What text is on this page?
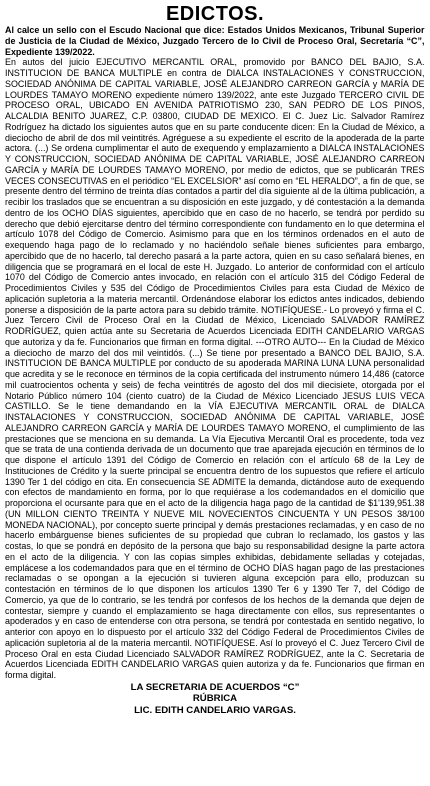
EDICTOS.
Al calce un sello con el Escudo Nacional que dice: Estados Unidos Mexicanos, Tribunal Superior de Justicia de la Ciudad de México, Juzgado Tercero de lo Civil de Proceso Oral, Secretaría “C”, Expediente 139/2022.
En autos del juicio EJECUTIVO MERCANTIL ORAL, promovido por BANCO DEL BAJIO, S.A. INSTITUCION DE BANCA MULTIPLE en contra de DIALCA INSTALACIONES Y CONSTRUCCION, SOCIEDAD ANÓNIMA DE CAPITAL VARIABLE, JOSÉ ALEJANDRO CARREON GARCÍA y MARÍA DE LOURDES TAMAYO MORENO expediente número 139/2022, ante este Juzgado TERCERO CIVIL DE PROCESO ORAL, UBICADO EN AVENIDA PATRIOTISMO 230, SAN PEDRO DE LOS PINOS, ALCALDIA BENITO JUAREZ, C.P. 03800, CIUDAD DE MEXICO. El C. Juez Lic. Salvador Ramírez Rodríguez ha dictado los siguientes autos que en su parte conducente dicen: En la Ciudad de México, a dieciocho de abril de dos mil veintitrés. Agréguese a su expediente el escrito de la apoderada de la parte actora. (...) Se ordena cumplimentar el auto de exequendo y emplazamiento a DIALCA INSTALACIONES Y CONSTRUCCION, SOCIEDAD ANÓNIMA DE CAPITAL VARIABLE, JOSÉ ALEJANDRO CARREON GARCÍA y MARÍA DE LOURDES TAMAYO MORENO, por medio de edictos, que se publicarán TRES VECES CONSECUTIVAS en el periódico “EL EXCELSIOR” así como en “EL HERALDO”, a fin de que, se presente dentro del término de treinta días contados a partir del día siguiente al de la última publicación, a recibir los traslados que se encuentran a su disposición en este juzgado, y dé contestación a la demanda dentro de los OCHO DÍAS siguientes, apercibido que en caso de no hacerlo, se tendrá por perdido su derecho que debió ejercitarse dentro del término correspondiente con fundamento en lo que determina el artículo 1078 del Código de Comercio. Asimismo para que en los términos ordenados en el auto de exequendo haga pago de lo reclamado y no haciéndolo señale bienes suficientes para embargo, apercibido que de no hacerlo, tal derecho pasará a la parte actora, quien en su caso señalará bienes, en diligencia que se programará en el local de este H. Juzgado. Lo anterior de conformidad con el artículo 1070 del Código de Comercio antes invocado, en relación con el artículo 315 del Código Federal de Procedimientos Civiles y 535 del Código de Procedimientos Civiles para esta Ciudad de México de aplicación supletoria a la materia mercantil. Ordenándose elaborar los edictos antes indicados, debiendo ponerse a disposición de la parte actora para su debido trámite. NOTIFÍQUESE.- Lo proveyó y firma el C. Juez Tercero Civil de Proceso Oral en la Ciudad de México, Licenciado SALVADOR RAMÍREZ RODRÍGUEZ, quien actúa ante su Secretaria de Acuerdos Licenciada EDITH CANDELARIO VARGAS que autoriza y da fe. Funcionarios que firman en forma digital. ---OTRO AUTO--- En la Ciudad de México a dieciocho de marzo del dos mil veintidós. (...) Se tiene por presentado a BANCO DEL BAJIO, S.A. INSTITUCION DE BANCA MULTIPLE por conducto de su apoderada MARINA LUNA LUNA personalidad que acredita y se le reconoce en términos de la copia certificada del instrumento número 14,486 (catorce mil cuatrocientos ochenta y seis) de fecha veintitrés de agosto del dos mil diecisiete, otorgada por el Notario Público número 104 (ciento cuatro) de la Ciudad de México Licenciado JESUS LUIS VECA CASTILLO. Se le tiene demandando en la VÍA EJECUTIVA MERCANTIL ORAL de DIALCA INSTALACIONES Y CONSTRUCCION, SOCIEDAD ANÓNIMA DE CAPITAL VARIABLE, JOSÉ ALEJANDRO CARREON GARCÍA y MARÍA DE LOURDES TAMAYO MORENO, el cumplimiento de las prestaciones que se menciona en su demanda. La Vía Ejecutiva Mercantil Oral es procedente, toda vez que se trata de una contienda derivada de un documento que trae aparejada ejecución en términos de lo que dispone el artículo 1391 del Código de Comercio en relación con el artículo 68 de la Ley de Instituciones de Crédito y la suerte principal se encuentra dentro de los supuestos que refiere el artículo 1390 Ter 1 del código en cita. En consecuencia SE ADMITE la demanda, dictándose auto de exequendo con efectos de mandamiento en forma, por lo que requiérase a los codemandados en el domicilio que proporciona el ocursante para que en el acto de la diligencia haga pago de la cantidad de $1'139,951.38 (UN MILLON CIENTO TREINTA Y NUEVE MIL NOVECIENTOS CINCUENTA Y UN PESOS 38/100 MONEDA NACIONAL), por concepto suerte principal y demás prestaciones reclamadas, y en caso de no hacerlo embárguense bienes suficientes de su propiedad que cubran lo reclamado, los gastos y las costas, lo que se pondrá en depósito de la persona que bajo su responsabilidad designe la parte actora en el acto de la diligencia. Y con las copias simples exhibidas, debidamente selladas y cotejadas, emplácese a los codemandados para que en el término de OCHO DÍAS hagan pago de las prestaciones reclamadas o se opongan a la ejecución si tuvieren alguna excepción para ello, produzcan su contestación en términos de lo que disponen los artículos 1390 Ter 6 y 1390 Ter 7, del Código de Comercio, ya que de lo contrario, se les tendrá por confesos de los hechos de la demanda que dejen de contestar, siempre y cuando el emplazamiento se haga directamente con ellos, sus representantes o apoderados y en caso de entenderse con otra persona, se tendrá por contestada en sentido negativo, lo anterior con apoyo en lo dispuesto por el artículo 332 del Código Federal de Procedimientos Civiles de aplicación supletoria al de la materia mercantil. NOTIFÍQUESE. Así lo proveyó el C. Juez Tercero Civil de Proceso Oral en esta Ciudad Licenciado SALVADOR RAMÍREZ RODRÍGUEZ, ante la C. Secretaria de Acuerdos Licenciada EDITH CANDELARIO VARGAS quien autoriza y da fe. Funcionarios que firman en forma digital.

LA SECRETARIA DE ACUERDOS “C”

RÚBRICA

LIC. EDITH CANDELARIO VARGAS.
